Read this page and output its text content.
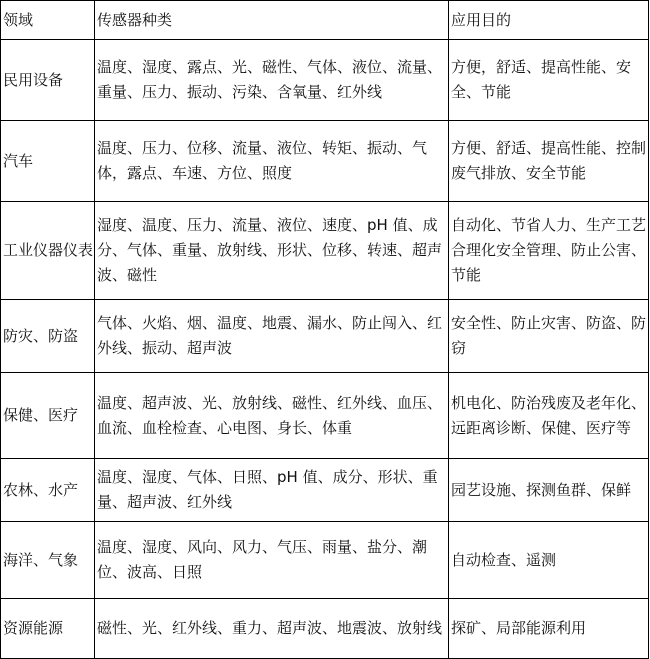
领域	传感器种类	应用目的
民用设备	温度、湿度、露点、光、磁性、气体、液位、流量、重量、压力、振动、污染、含氧量、红外线	方便，舒适、提高性能、安全、节能
汽车	温度、压力、位移、流量、液位、转矩、振动、气体，露点、车速、方位、照度	方便、舒适、提高性能、控制废气排放、安全节能
工业仪器仪表	湿度、温度、压力、流量、液位、速度、pH 值、成分、气体、重量、放射线、形状、位移、转速、超声波、磁性	自动化、节省人力、生产工艺合理化安全管理、防止公害、节能
防灾、防盗	气体、火焰、烟、温度、地震、漏水、防止闯入、红外线、振动、超声波	安全性、防止灾害、防盗、防窃
保健、医疗	温度、超声波、光、放射线、磁性、红外线、血压、血流、血栓检查、心电图、身长、体重	机电化、防治残废及老年化、远距离诊断、保健、医疗等
农林、水产	温度、湿度、气体、日照、pH 值、成分、形状、重量、超声波、红外线	园艺设施、探测鱼群、保鲜
海洋、气象	温度、湿度、风向、风力、气压、雨量、盐分、潮位、波高、日照	自动检查、遥测
资源能源	磁性、光、红外线、重力、超声波、地震波、放射线	探矿、局部能源利用
